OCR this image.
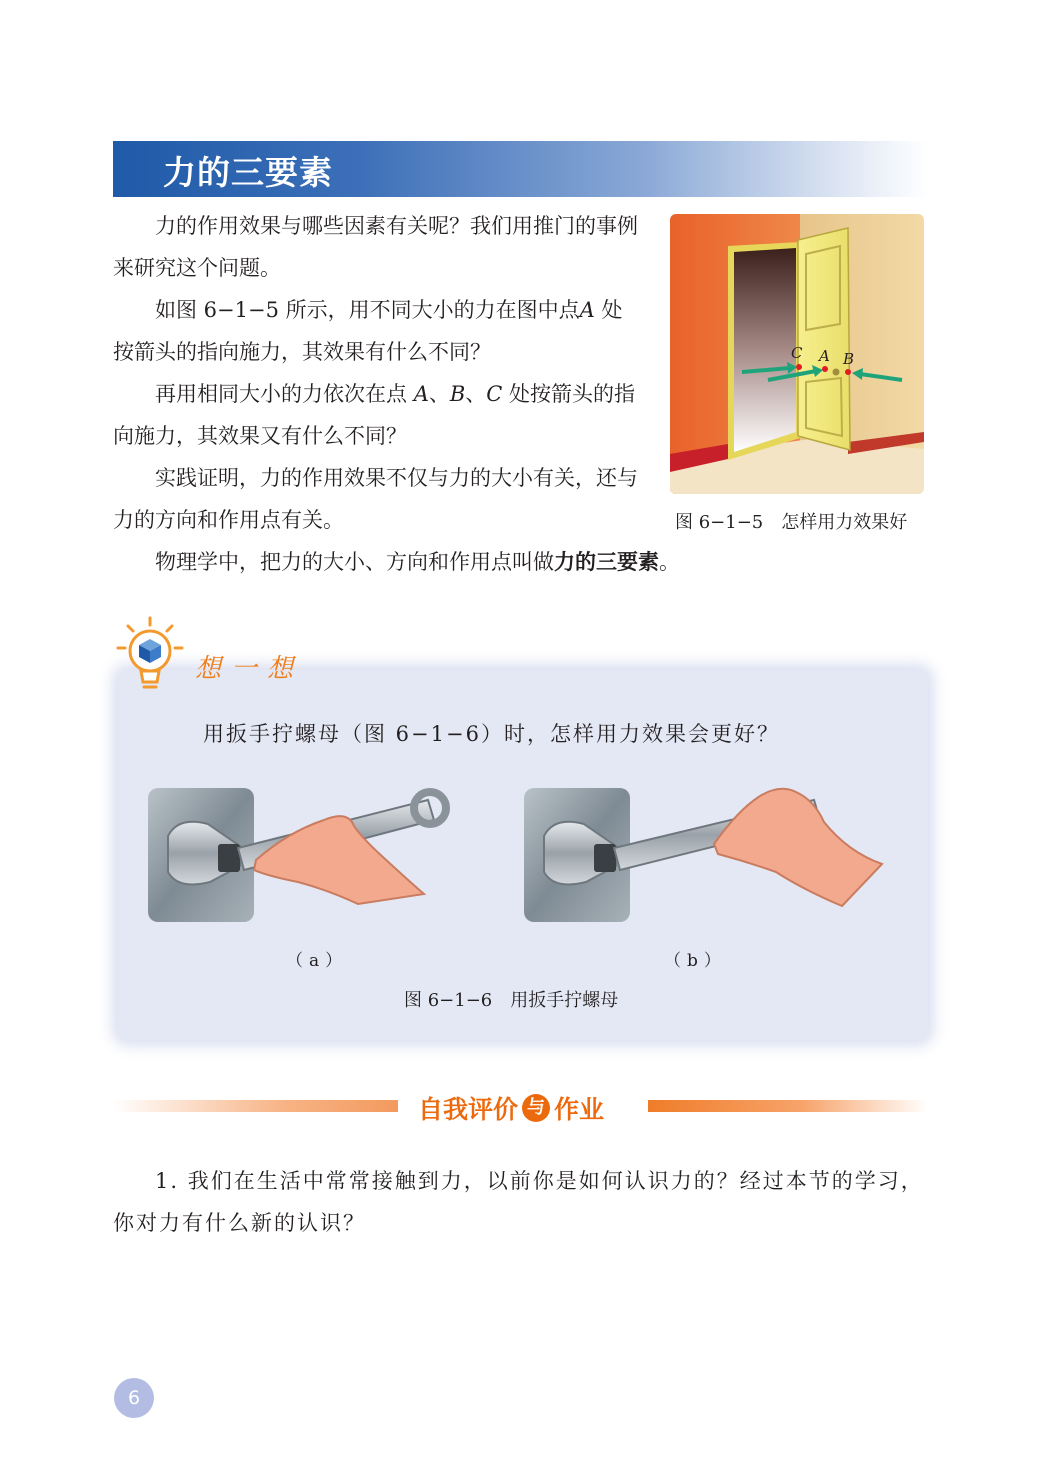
力的三要素

力的作用效果与哪些因素有关呢？我们用推门的事例来研究这个问题。

如图 6−1−5 所示，用不同大小的力在图中点A 处按箭头的指向施力，其效果有什么不同？

再用相同大小的力依次在点 A、B、C 处按箭头的指向施力，其效果又有什么不同？

实践证明，力的作用效果不仅与力的大小有关，还与力的方向和作用点有关。

物理学中，把力的大小、方向和作用点叫做力的三要素。

C A B
图 6−1−5　怎样用力效果好
想一想
用扳手拧螺母（图 6−1−6）时，怎样用力效果会更好？
（a）	（b）
图 6−1−6　用扳手拧螺母
自我评价 与 作业

1. 我们在生活中常常接触到力，以前你是如何认识力的？经过本节的学习，你对力有什么新的认识？

6
